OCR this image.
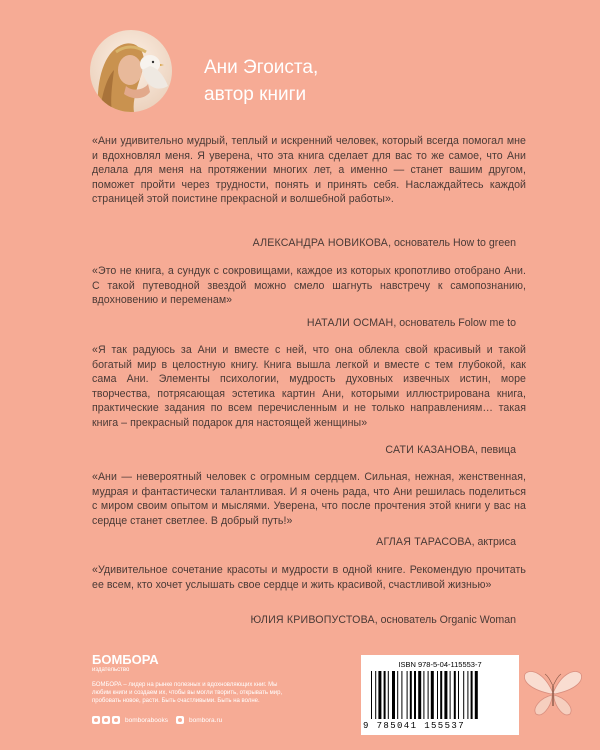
Ани Эгоиста,
автор книги

«Ани удивительно мудрый, теплый и искренний человек, который всегда помогал мне и вдохновлял меня. Я уверена, что эта книга сделает для вас то же самое, что Ани делала для меня на протяжении многих лет, а именно — станет вашим другом, поможет пройти через трудности, понять и принять себя. Наслаждайтесь каждой страницей этой поистине прекрасной и волшебной работы».

АЛЕКСАНДРА НОВИКОВА, основатель How to green

«Это не книга, а сундук с сокровищами, каждое из которых кропотливо отобрано Ани. С такой путеводной звездой можно смело шагнуть навстречу к самопознанию, вдохновению и переменам»

НАТАЛИ ОСМАН, основатель Folow me to

«Я так радуюсь за Ани и вместе с ней, что она облекла свой красивый и такой богатый мир в целостную книгу. Книга вышла легкой и вместе с тем глубокой, как сама Ани. Элементы психологии, мудрость духовных извечных истин, море творчества, потрясающая эстетика картин Ани, которыми иллюстрирована книга, практические задания по всем перечисленным и не только направлениям… такая книга – прекрасный подарок для настоящей женщины»

САТИ КАЗАНОВА, певица

«Ани — невероятный человек с огромным сердцем. Сильная, нежная, женственная, мудрая и фантастически талантливая. И я очень рада, что Ани решилась поделиться с миром своим опытом и мыслями. Уверена, что после прочтения этой книги у вас на сердце станет светлее. В добрый путь!»

АГЛАЯ ТАРАСОВА, актриса

«Удивительное сочетание красоты и мудрости в одной книге. Рекомендую прочитать ее всем, кто хочет услышать свое сердце и жить красивой, счастливой жизнью»

ЮЛИЯ КРИВОПУСТОВА, основатель Organic Woman
БОМБОРА
издательство
БОМБОРА – лидер на рынке полезных и вдохновляющих книг. Мы любим книги и создаем их, чтобы вы могли творить, открывать мир, пробовать новое, расти. Быть счастливыми. Быть на волне.
bomborabooks	bombora.ru
ISBN 978-5-04-115553-7
9 785041 155537
